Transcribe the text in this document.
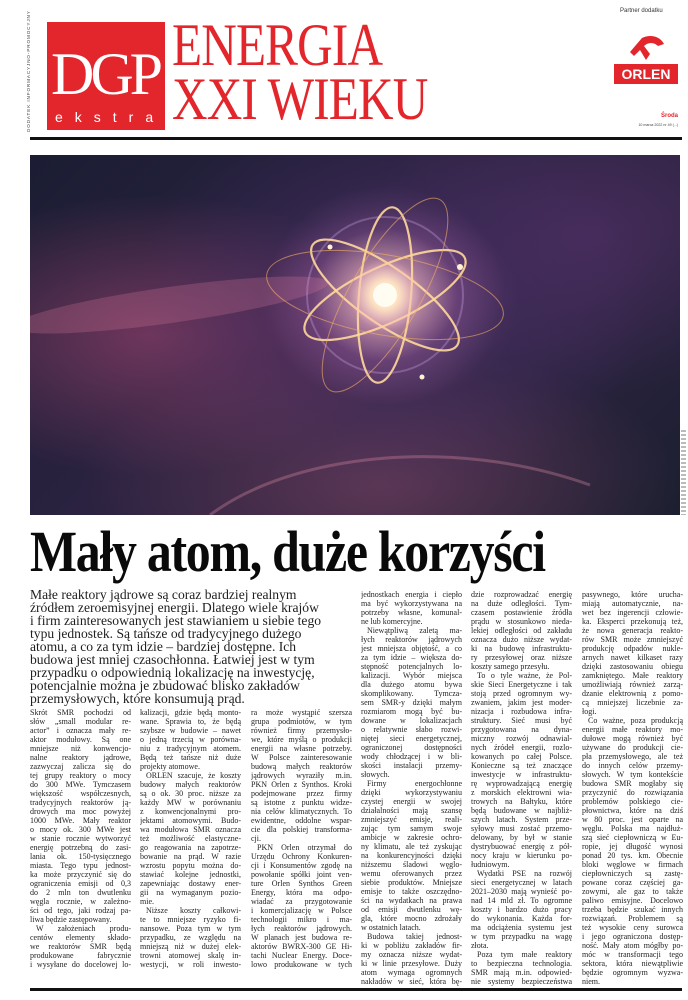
DODATEK INFORMACYJNO-PROMOCYJNY DGP
ekstra
ENERGIA
XXI WIEKU
Partner dodatku
ORLEN
Środa
10 marca 2022 nr 49 (...)
Mały atom, duże korzyści
Małe reaktory jądrowe są coraz bardziej realnym
źródłem zeroemisyjnej energii. Dlatego wiele krajów
i firm zainteresowanych jest stawianiem u siebie tego
typu jednostek. Są tańsze od tradycyjnego dużego
atomu, a co za tym idzie – bardziej dostępne. Ich
budowa jest mniej czasochłonna. Łatwiej jest w tym
przypadku o odpowiednią lokalizację na inwestycję,
potencjalnie można je zbudować blisko zakładów
przemysłowych, które konsumują prąd.
Skrót SMR pochodzi od
słów „small modular re-
actor” i oznacza mały re-
aktor modułowy. Są one
mniejsze niż konwencjo-
nalne reaktory jądrowe,
zazwyczaj zalicza się do
tej grupy reaktory o mocy
do 300 MWe. Tymczasem
większość współczesnych,
tradycyjnych reaktorów ją-
drowych ma moc powyżej
1000 MWe. Mały reaktor
o mocy ok. 300 MWe jest
w stanie rocznie wytworzyć
energię potrzebną do zasi-
lania ok. 150-tysięcznego
miasta. Tego typu jednost-
ka może przyczynić się do
ograniczenia emisji od 0,3
do 2 mln ton dwutlenku
węgla rocznie, w zależno-
ści od tego, jaki rodzaj pa-
liwa będzie zastępowany.
W założeniach produ-
centów elementy składo-
we reaktorów SMR będą
produkowane fabrycznie
i wysyłane do docelowej lo-
kalizacji, gdzie będą monto-
wane. Sprawia to, że będą
szybsze w budowie – nawet
o jedną trzecią w porówna-
niu z tradycyjnym atomem.
Będą też tańsze niż duże
projekty atomowe.
ORLEN szacuje, że koszty
budowy małych reaktorów
są o ok. 30 proc. niższe za
każdy MW w porównaniu
z konwencjonalnymi pro-
jektami atomowymi. Budo-
wa modułowa SMR oznacza
też możliwość elastyczne-
go reagowania na zapotrze-
bowanie na prąd. W razie
wzrostu popytu można do-
stawiać kolejne jednostki,
zapewniając dostawy ener-
gii na wymaganym pozio-
mie.
Niższe koszty całkowi-
te to mniejsze ryzyko fi-
nansowe. Poza tym w tym
przypadku, ze względu na
mniejszą niż w dużej elek-
trowni atomowej skalę in-
westycji, w roli inwesto-
ra może wystąpić szersza
grupa podmiotów, w tym
również firmy przemysło-
we, które myślą o produkcji
energii na własne potrzeby.
W Polsce zainteresowanie
budową małych reaktorów
jądrowych wyraziły m.in.
PKN Orlen z Synthos. Kroki
podejmowane przez firmy
są istotne z punktu widze-
nia celów klimatycznych. To
ewidentne, oddolne wspar-
cie dla polskiej transforma-
cji.
PKN Orlen otrzymał do
Urzędu Ochrony Konkuren-
cji i Konsumentów zgodę na
powołanie spółki joint ven-
ture Orlen Synthos Green
Energy, która ma odpo-
wiadać za przygotowanie
i komercjalizację w Polsce
technologii mikro i ma-
łych reaktorów jądrowych.
W planach jest budowa re-
aktorów BWRX-300 GE Hi-
tachi Nuclear Energy. Doce-
lowo produkowane w tych
jednostkach energia i ciepło
ma być wykorzystywana na
potrzeby własne, komunal-
ne lub komercyjne.
Niewątpliwą zaletą ma-
łych reaktorów jądrowych
jest mniejsza objętość, a co
za tym idzie – większa do-
stępność potencjalnych lo-
kalizacji. Wybór miejsca
dla dużego atomu bywa
skomplikowany. Tymcza-
sem SMR-y dzięki małym
rozmiarom mogą być bu-
dowane w lokalizacjach
o relatywnie słabo rozwi-
niętej sieci energetycznej,
ograniczonej dostępności
wody chłodzącej i w bli-
skości instalacji przemy-
słowych.
Firmy energochłonne
dzięki wykorzystywaniu
czystej energii w swojej
działalności mają szansę
zmniejszyć emisje, reali-
zując tym samym swoje
ambicje w zakresie ochro-
ny klimatu, ale też zyskując
na konkurencyjności dzięki
niższemu śladowi węglo-
wemu oferowanych przez
siebie produktów. Mniejsze
emisje to także oszczędno-
ści na wydatkach na prawa
od emisji dwutlenku wę-
gla, które mocno zdrożały
w ostatnich latach.
Budowa takiej jednost-
ki w pobliżu zakładów fir-
my oznacza niższe wydat-
ki w linie przesyłowe. Duży
atom wymaga ogromnych
nakładów w sieć, która bę-
dzie rozprowadzać energię
na duże odległości. Tym-
czasem postawienie źródła
prądu w stosunkowo nieda-
lekiej odległości od zakładu
oznacza dużo niższe wydat-
ki na budowę infrastruktu-
ry przesyłowej oraz niższe
koszty samego przesyłu.
To o tyle ważne, że Pol-
skie Sieci Energetyczne i tak
stoją przed ogromnym wy-
zwaniem, jakim jest moder-
nizacja i rozbudowa infra-
struktury. Sieć musi być
przygotowana na dyna-
miczny rozwój odnawial-
nych źródeł energii, rozlo-
kowanych po całej Polsce.
Konieczne są też znaczące
inwestycje w infrastruktu-
rę wyprowadzającą energię
z morskich elektrowni wia-
trowych na Bałtyku, które
będą budowane w najbliż-
szych latach. System prze-
syłowy musi zostać przemo-
delowany, by był w stanie
dystrybuować energię z pół-
nocy kraju w kierunku po-
łudniowym.
Wydatki PSE na rozwój
sieci energetycznej w latach
2021–2030 mają wynieść po-
nad 14 mld zł. To ogromne
koszty i bardzo dużo pracy
do wykonania. Każda for-
ma odciążenia systemu jest
w tym przypadku na wagę
złota.
Poza tym małe reaktory
to bezpieczna technologia.
SMR mają m.in. odpowied-
nie systemy bezpieczeństwa
pasywnego, które urucha-
miają automatycznie, na-
wet bez ingerencji człowie-
ka. Eksperci przekonują też,
że nowa generacja reakto-
rów SMR może zmniejszyć
produkcję odpadów nukle-
arnych nawet kilkaset razy
dzięki zastosowaniu obiegu
zamkniętego. Małe reaktory
umożliwiają również zarzą-
dzanie elektrownią z pomo-
cą mniejszej liczebnie za-
łogi.
Co ważne, poza produkcją
energii małe reaktory mo-
dułowe mogą również być
używane do produkcji cie-
pła przemysłowego, ale też
do innych celów przemy-
słowych. W tym kontekście
budowa SMR mogłaby się
przyczynić do rozwiązania
problemów polskiego cie-
płownictwa, które na dziś
w 80 proc. jest oparte na
węglu. Polska ma najdłuż-
szą sieć ciepłowniczą w Eu-
ropie, jej długość wynosi
ponad 20 tys. km. Obecnie
bloki węglowe w firmach
ciepłowniczych są zastę-
powane coraz częściej ga-
zowymi, ale gaz to także
paliwo emisyjne. Docelowo
trzeba będzie szukać innych
rozwiązań. Problemem są
też wysokie ceny surowca
i jego ograniczona dostęp-
ność. Mały atom mógłby po-
móc w transformacji tego
sektora, która niewątpliwie
będzie ogromnym wyzwa-
niem.
